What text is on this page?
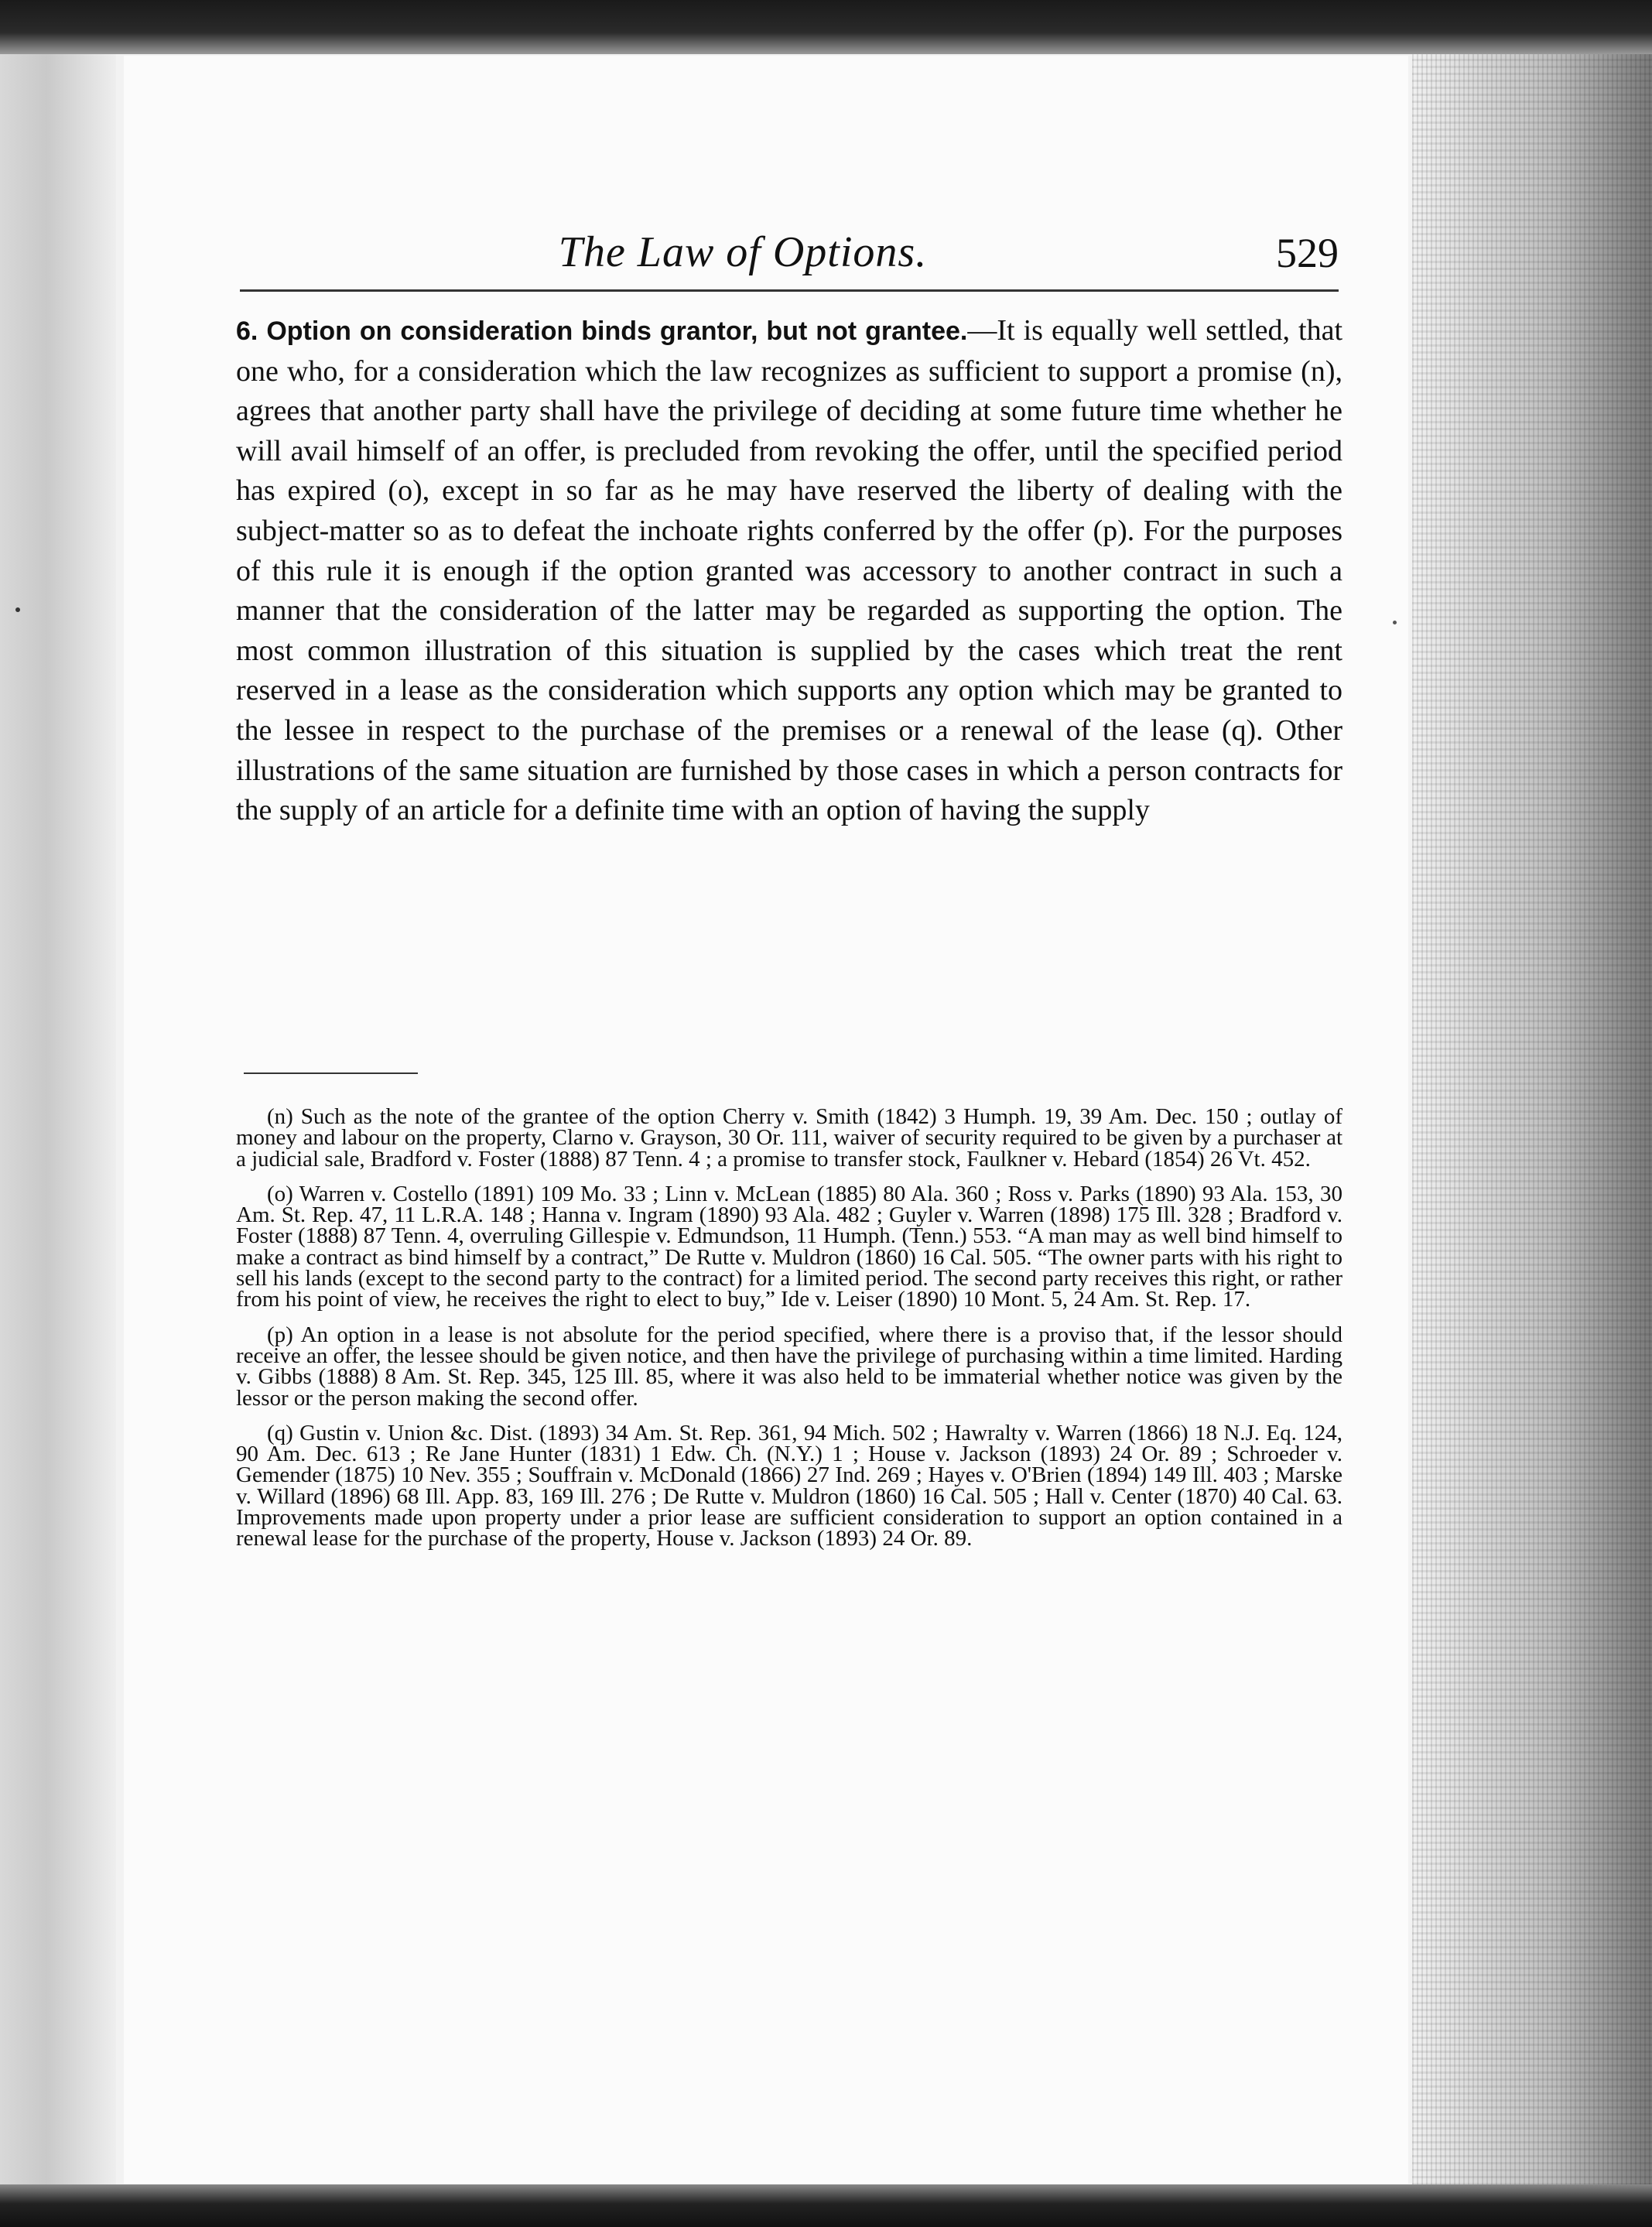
The Law of Options.	529
6. Option on consideration binds grantor, but not grantee.—It is equally well settled, that one who, for a consideration which the law recognizes as sufficient to support a promise (n), agrees that another party shall have the privilege of deciding at some future time whether he will avail himself of an offer, is precluded from revoking the offer, until the specified period has expired (o), except in so far as he may have reserved the liberty of dealing with the subject-matter so as to defeat the inchoate rights conferred by the offer (p). For the purposes of this rule it is enough if the option granted was accessory to another contract in such a manner that the consideration of the latter may be regarded as supporting the option. The most common illustration of this situation is supplied by the cases which treat the rent reserved in a lease as the consideration which supports any option which may be granted to the lessee in respect to the purchase of the premises or a renewal of the lease (q). Other illustrations of the same situation are furnished by those cases in which a person contracts for the supply of an article for a definite time with an option of having the supply

(n) Such as the note of the grantee of the option Cherry v. Smith (1842) 3 Humph. 19, 39 Am. Dec. 150 ; outlay of money and labour on the property, Clarno v. Grayson, 30 Or. 111, waiver of security required to be given by a purchaser at a judicial sale, Bradford v. Foster (1888) 87 Tenn. 4 ; a promise to transfer stock, Faulkner v. Hebard (1854) 26 Vt. 452.

(o) Warren v. Costello (1891) 109 Mo. 33 ; Linn v. McLean (1885) 80 Ala. 360 ; Ross v. Parks (1890) 93 Ala. 153, 30 Am. St. Rep. 47, 11 L.R.A. 148 ; Hanna v. Ingram (1890) 93 Ala. 482 ; Guyler v. Warren (1898) 175 Ill. 328 ; Bradford v. Foster (1888) 87 Tenn. 4, overruling Gillespie v. Edmundson, 11 Humph. (Tenn.) 553. “A man may as well bind himself to make a contract as bind himself by a contract,” De Rutte v. Muldron (1860) 16 Cal. 505. “The owner parts with his right to sell his lands (except to the second party to the contract) for a limited period. The second party receives this right, or rather from his point of view, he receives the right to elect to buy,” Ide v. Leiser (1890) 10 Mont. 5, 24 Am. St. Rep. 17.

(p) An option in a lease is not absolute for the period specified, where there is a proviso that, if the lessor should receive an offer, the lessee should be given notice, and then have the privilege of purchasing within a time limited. Harding v. Gibbs (1888) 8 Am. St. Rep. 345, 125 Ill. 85, where it was also held to be immaterial whether notice was given by the lessor or the person making the second offer.

(q) Gustin v. Union &c. Dist. (1893) 34 Am. St. Rep. 361, 94 Mich. 502 ; Hawralty v. Warren (1866) 18 N.J. Eq. 124, 90 Am. Dec. 613 ; Re Jane Hunter (1831) 1 Edw. Ch. (N.Y.) 1 ; House v. Jackson (1893) 24 Or. 89 ; Schroeder v. Gemender (1875) 10 Nev. 355 ; Souffrain v. McDonald (1866) 27 Ind. 269 ; Hayes v. O'Brien (1894) 149 Ill. 403 ; Marske v. Willard (1896) 68 Ill. App. 83, 169 Ill. 276 ; De Rutte v. Muldron (1860) 16 Cal. 505 ; Hall v. Center (1870) 40 Cal. 63. Improvements made upon property under a prior lease are sufficient consideration to support an option contained in a renewal lease for the purchase of the property, House v. Jackson (1893) 24 Or. 89.
